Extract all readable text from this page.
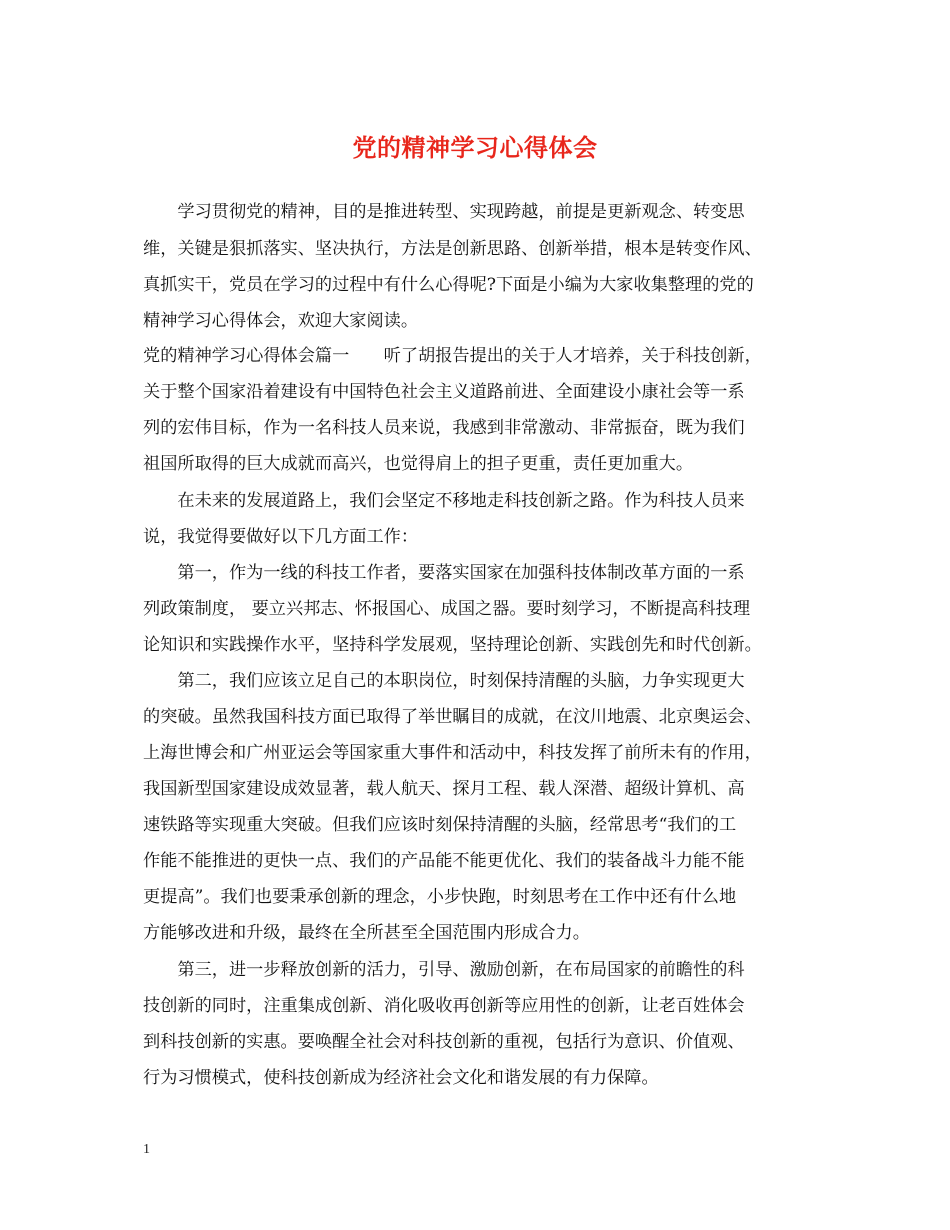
党的精神学习心得体会
　　学习贯彻党的精神，目的是推进转型、实现跨越，前提是更新观念、转变思
维，关键是狠抓落实、坚决执行，方法是创新思路、创新举措，根本是转变作风、
真抓实干，党员在学习的过程中有什么心得呢?下面是小编为大家收集整理的党的
精神学习心得体会，欢迎大家阅读。
党的精神学习心得体会篇一　　听了胡报告提出的关于人才培养，关于科技创新，
关于整个国家沿着建设有中国特色社会主义道路前进、全面建设小康社会等一系
列的宏伟目标，作为一名科技人员来说，我感到非常激动、非常振奋，既为我们
祖国所取得的巨大成就而高兴，也觉得肩上的担子更重，责任更加重大。
　　在未来的发展道路上，我们会坚定不移地走科技创新之路。作为科技人员来
说，我觉得要做好以下几方面工作：
　　第一，作为一线的科技工作者，要落实国家在加强科技体制改革方面的一系
列政策制度， 要立兴邦志、怀报国心、成国之器。要时刻学习，不断提高科技理
论知识和实践操作水平，坚持科学发展观，坚持理论创新、实践创先和时代创新。
　　第二，我们应该立足自己的本职岗位，时刻保持清醒的头脑，力争实现更大
的突破。虽然我国科技方面已取得了举世瞩目的成就，在汶川地震、北京奥运会、
上海世博会和广州亚运会等国家重大事件和活动中，科技发挥了前所未有的作用，
我国新型国家建设成效显著，载人航天、探月工程、载人深潜、超级计算机、高
速铁路等实现重大突破。但我们应该时刻保持清醒的头脑，经常思考“我们的工
作能不能推进的更快一点、我们的产品能不能更优化、我们的装备战斗力能不能
更提高”。我们也要秉承创新的理念，小步快跑，时刻思考在工作中还有什么地
方能够改进和升级，最终在全所甚至全国范围内形成合力。
　　第三，进一步释放创新的活力，引导、激励创新，在布局国家的前瞻性的科
技创新的同时，注重集成创新、消化吸收再创新等应用性的创新，让老百姓体会
到科技创新的实惠。要唤醒全社会对科技创新的重视，包括行为意识、价值观、
行为习惯模式，使科技创新成为经济社会文化和谐发展的有力保障。
1
